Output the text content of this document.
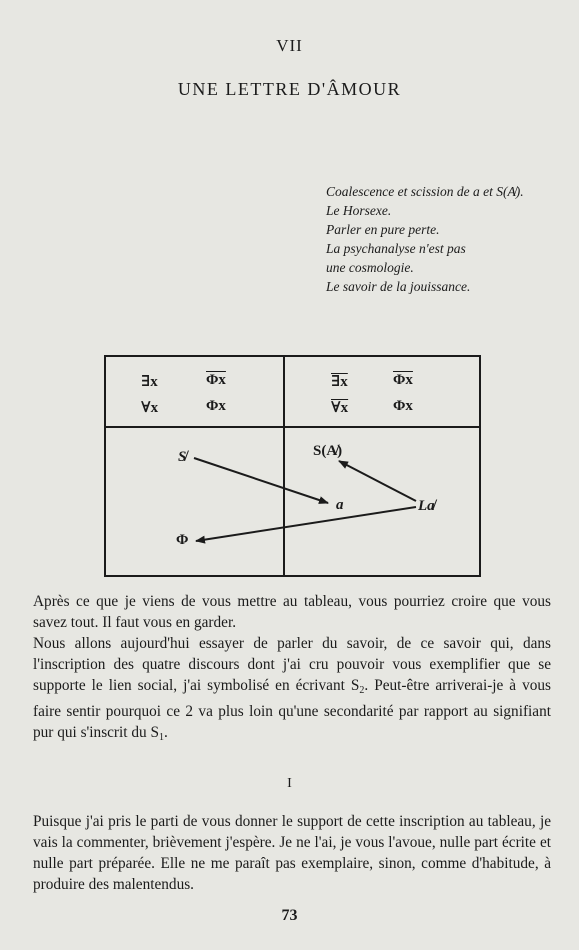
VII
UNE LETTRE D'ÂMOUR
Coalescence et scission de a et S(A̸).
Le Horsexe.
Parler en pure perte.
La psychanalyse n'est pas
une cosmologie.
Le savoir de la jouissance.
∃x	$\overline{\Phi x}$
∀x	Φx
∃x	$\overline{\Phi x}$
∀x	Φx
S̸	S(A̸)
a	La̸
Φ
Après ce que je viens de vous mettre au tableau, vous pourriez croire que vous savez tout. Il faut vous en garder.
Nous allons aujourd'hui essayer de parler du savoir, de ce savoir qui, dans l'inscription des quatre discours dont j'ai cru pouvoir vous exemplifier que se supporte le lien social, j'ai symbolisé en écrivant $S_2$. Peut-être arriverai-je à vous faire sentir pourquoi ce 2 va plus loin qu'une secondarité par rapport au signifiant pur qui s'inscrit du $S_1$.
I
Puisque j'ai pris le parti de vous donner le support de cette inscription au tableau, je vais la commenter, brièvement j'espère. Je ne l'ai, je vous l'avoue, nulle part écrite et nulle part préparée. Elle ne me paraît pas exemplaire, sinon, comme d'habitude, à produire des malentendus.
73
